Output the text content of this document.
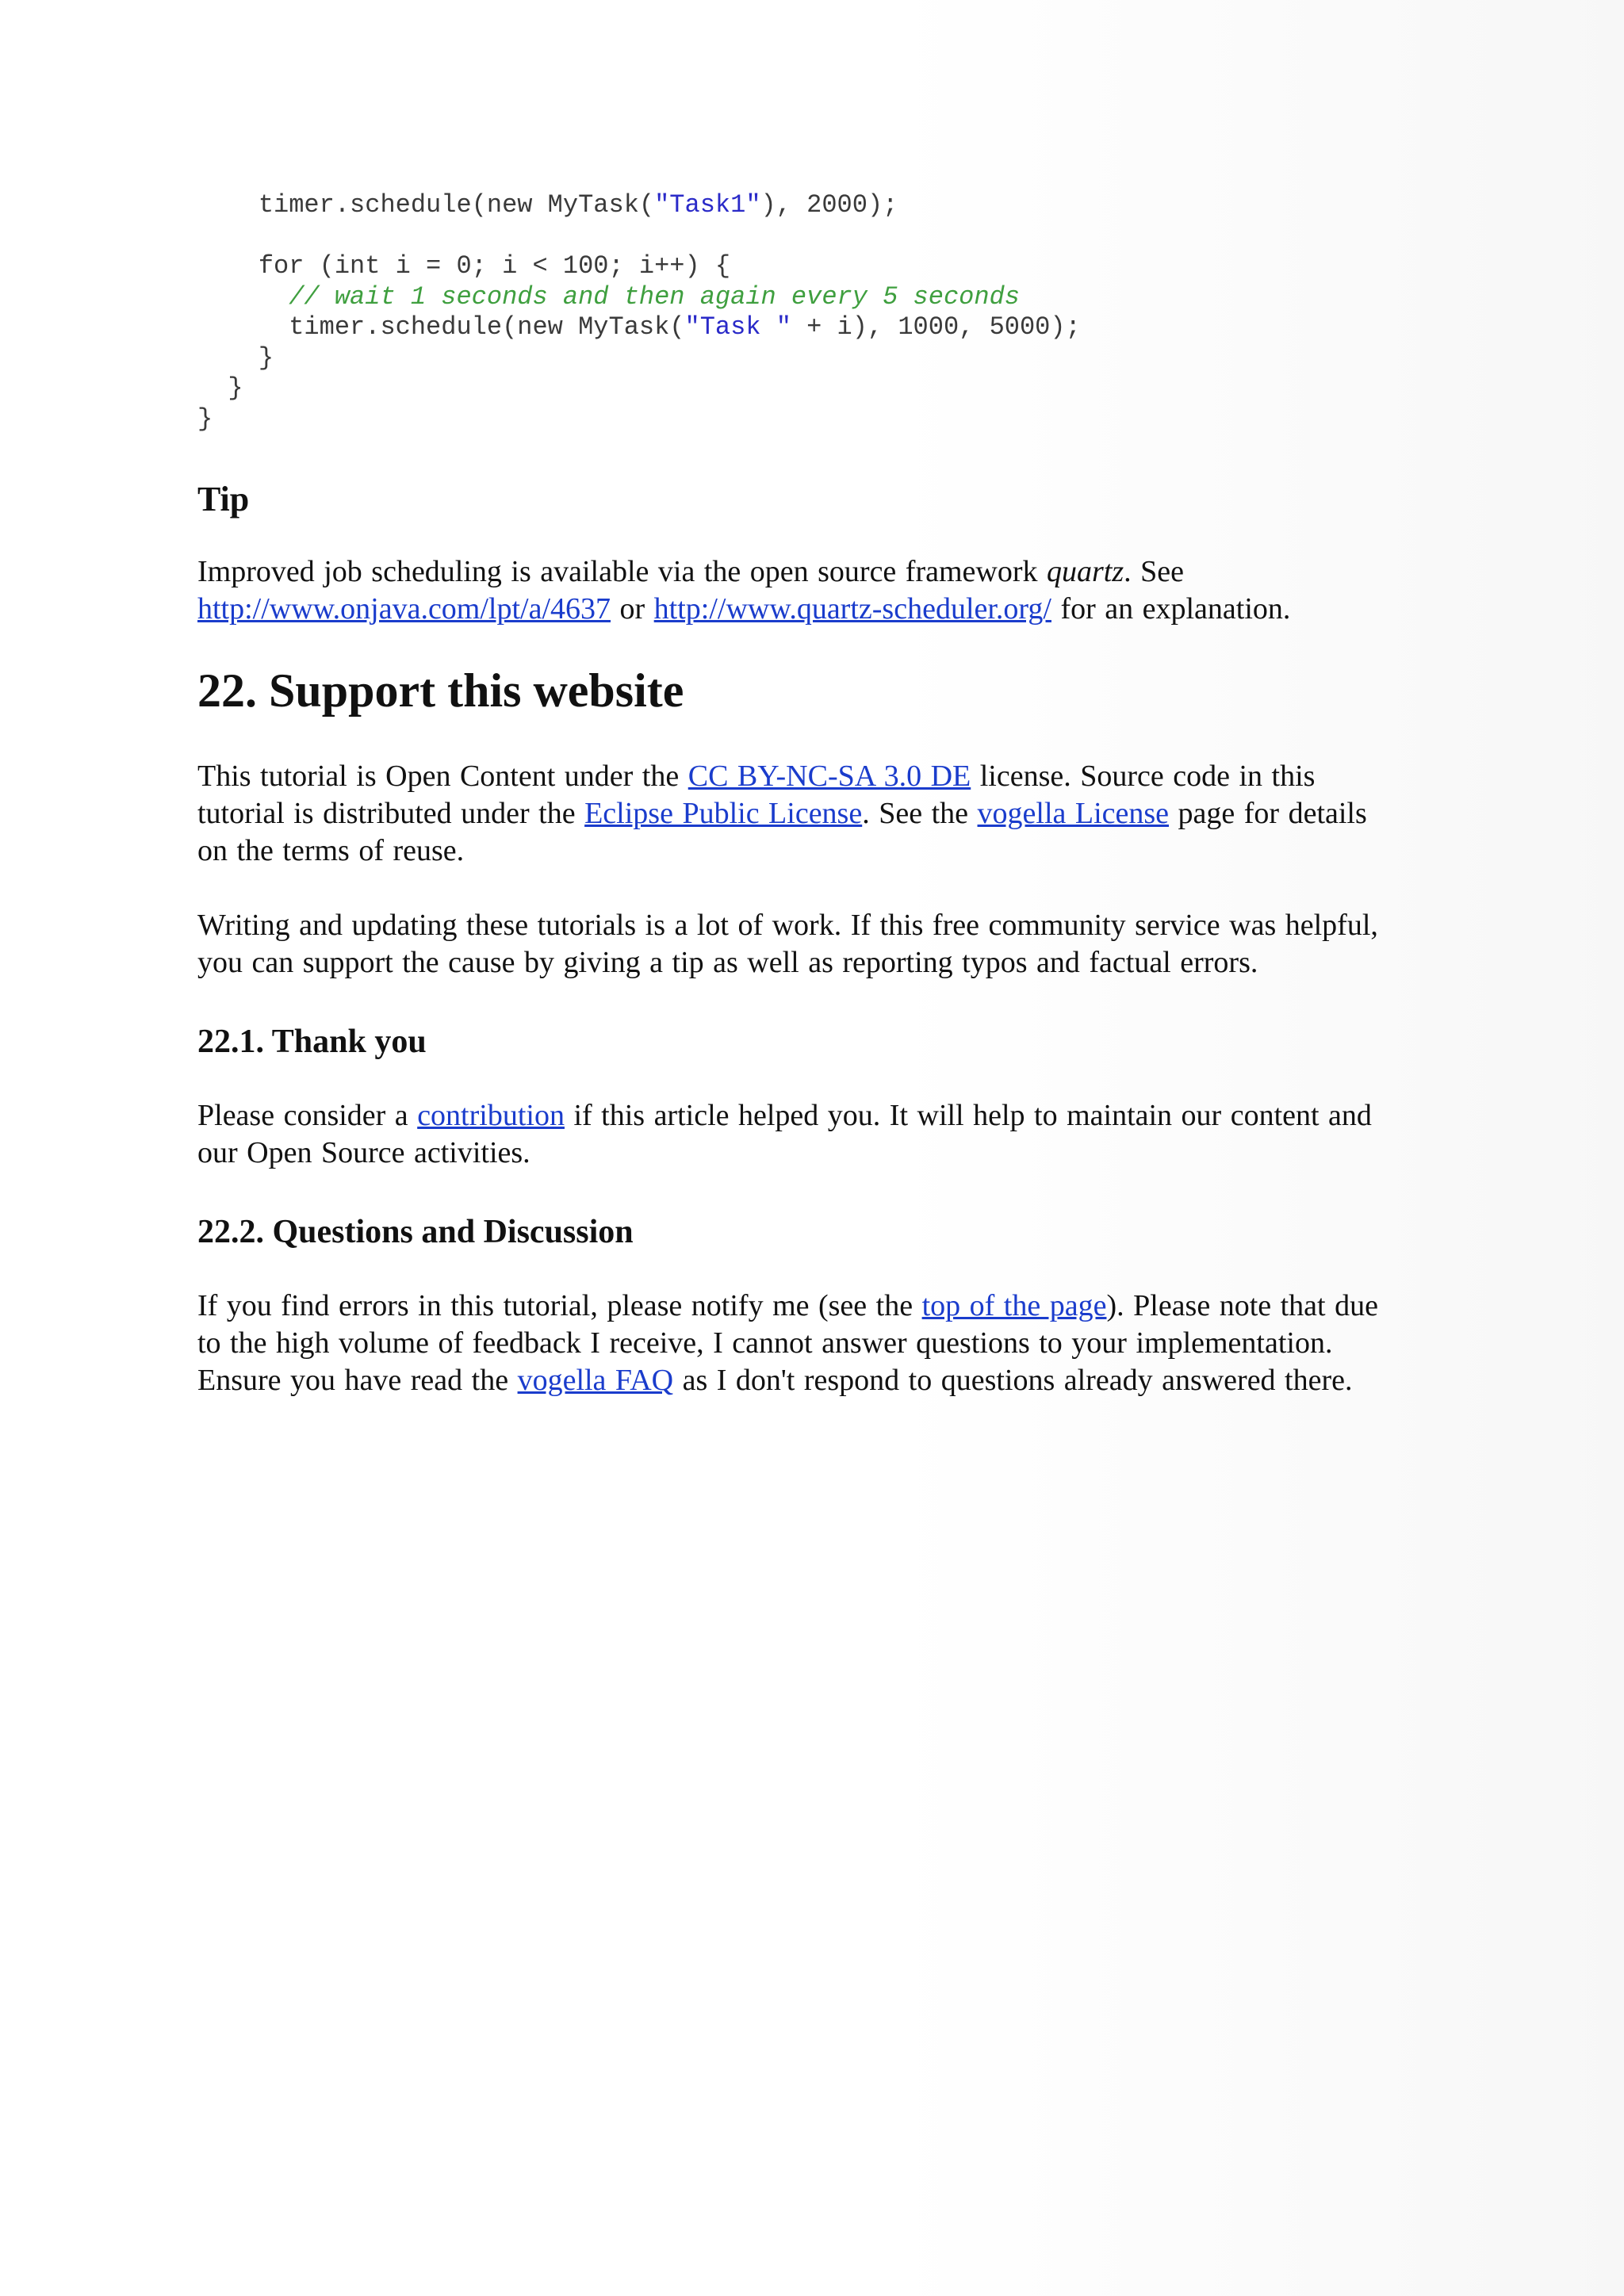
timer.schedule(new MyTask("Task1"), 2000);
for (int i = 0; i < 100; i++) {
// wait 1 seconds and then again every 5 seconds
timer.schedule(new MyTask("Task " + i), 1000, 5000);
}
}
}
Tip

Improved job scheduling is available via the open source framework quartz. See http://www.onjava.com/lpt/a/4637 or http://www.quartz-scheduler.org/ for an explanation.

22. Support this website

This tutorial is Open Content under the CC BY-NC-SA 3.0 DE license. Source code in this tutorial is distributed under the Eclipse Public License. See the vogella License page for details on the terms of reuse.

Writing and updating these tutorials is a lot of work. If this free community service was helpful, you can support the cause by giving a tip as well as reporting typos and factual errors.

22.1. Thank you

Please consider a contribution if this article helped you. It will help to maintain our content and our Open Source activities.

22.2. Questions and Discussion

If you find errors in this tutorial, please notify me (see the top of the page). Please note that due to the high volume of feedback I receive, I cannot answer questions to your implementation. Ensure you have read the vogella FAQ as I don't respond to questions already answered there.
